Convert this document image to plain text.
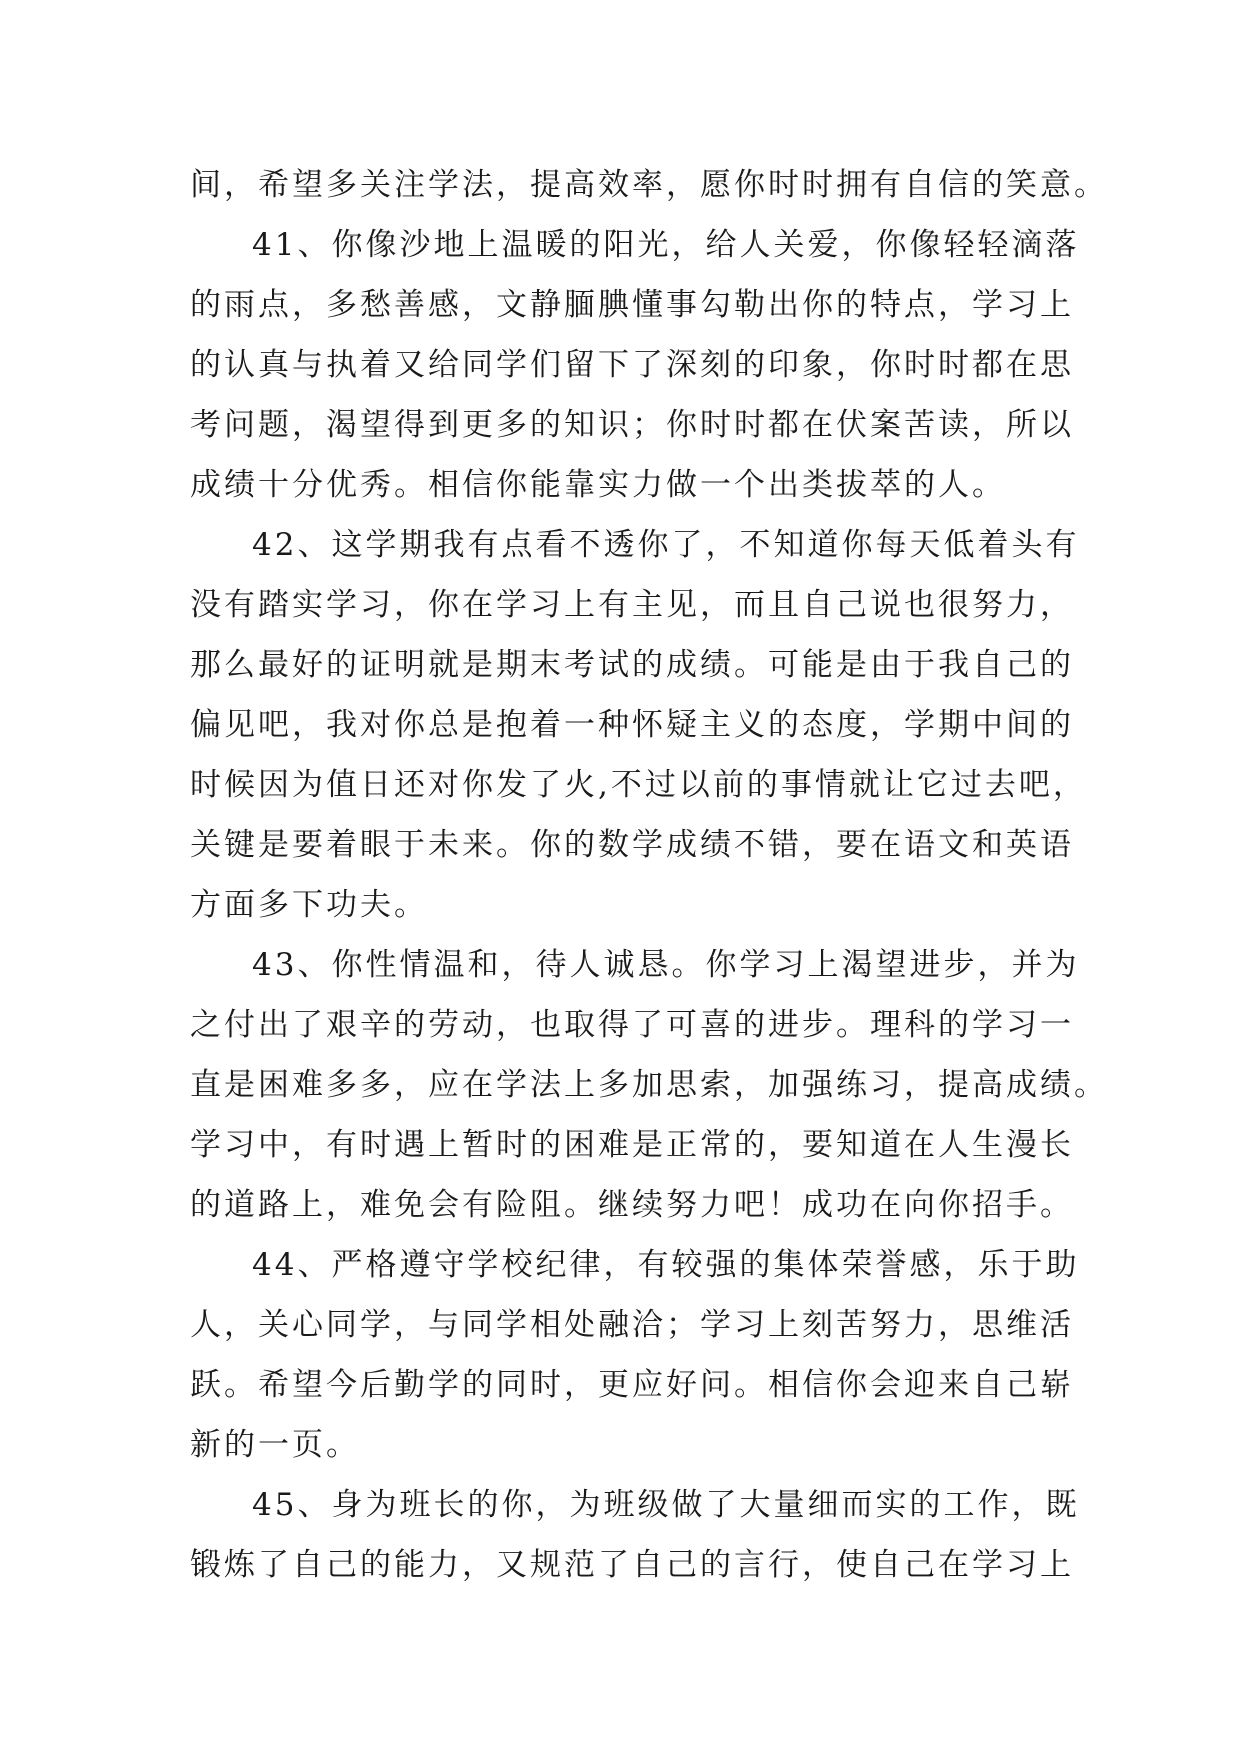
间，希望多关注学法，提高效率，愿你时时拥有自信的笑意。
41、你像沙地上温暖的阳光，给人关爱，你像轻轻滴落
的雨点，多愁善感，文静腼腆懂事勾勒出你的特点，学习上
的认真与执着又给同学们留下了深刻的印象，你时时都在思
考问题，渴望得到更多的知识；你时时都在伏案苦读，所以
成绩十分优秀。相信你能靠实力做一个出类拔萃的人。
42、这学期我有点看不透你了，不知道你每天低着头有
没有踏实学习，你在学习上有主见，而且自己说也很努力，
那么最好的证明就是期末考试的成绩。可能是由于我自己的
偏见吧，我对你总是抱着一种怀疑主义的态度，学期中间的
时候因为值日还对你发了火,不过以前的事情就让它过去吧，
关键是要着眼于未来。你的数学成绩不错，要在语文和英语
方面多下功夫。
43、你性情温和，待人诚恳。你学习上渴望进步，并为
之付出了艰辛的劳动，也取得了可喜的进步。理科的学习一
直是困难多多，应在学法上多加思索，加强练习，提高成绩。
学习中，有时遇上暂时的困难是正常的，要知道在人生漫长
的道路上，难免会有险阻。继续努力吧！成功在向你招手。
44、严格遵守学校纪律，有较强的集体荣誉感，乐于助
人，关心同学，与同学相处融洽；学习上刻苦努力，思维活
跃。希望今后勤学的同时，更应好问。相信你会迎来自己崭
新的一页。
45、身为班长的你，为班级做了大量细而实的工作，既
锻炼了自己的能力，又规范了自己的言行，使自己在学习上
